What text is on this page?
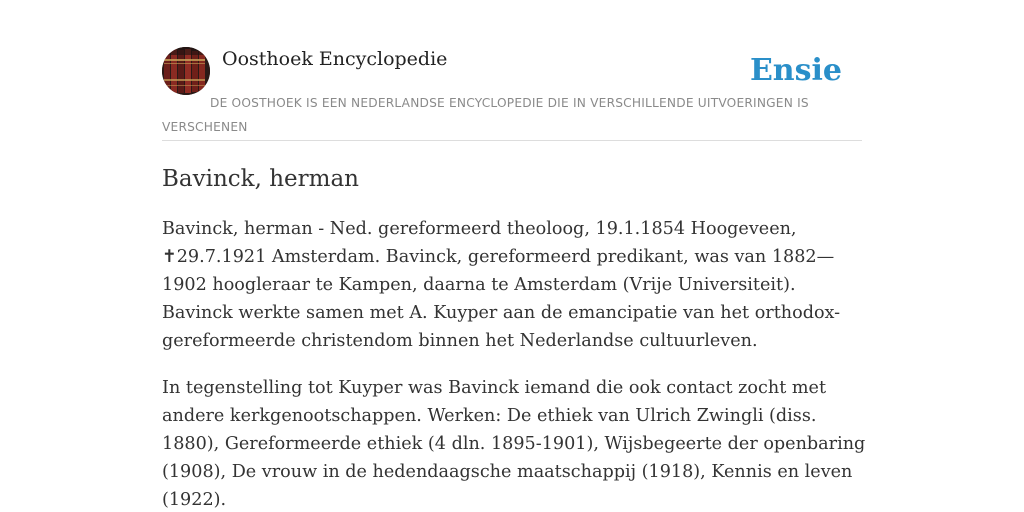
Oosthoek Encyclopedie	Ensie
DE OOSTHOEK IS EEN NEDERLANDSE ENCYCLOPEDIE DIE IN VERSCHILLENDE UITVOERINGEN IS VERSCHENEN
Bavinck, herman

Bavinck, herman - Ned. gereformeerd theoloog, 19.1.1854 Hoogeveen, ✝29.7.1921 Amsterdam. Bavinck, gereformeerd predikant, was van 1882— 1902 hoogleraar te Kampen, daarna te Amsterdam (Vrije Universiteit). Bavinck werkte samen met A. Kuyper aan de emancipatie van het orthodox-gereformeerde christendom binnen het Nederlandse cultuurleven.

In tegenstelling tot Kuyper was Bavinck iemand die ook contact zocht met andere kerkgenootschappen. Werken: De ethiek van Ulrich Zwingli (diss. 1880), Gereformeerde ethiek (4 dln. 1895-1901), Wijsbegeerte der openbaring (1908), De vrouw in de hedendaagsche maatschappij (1918), Kennis en leven (1922).
